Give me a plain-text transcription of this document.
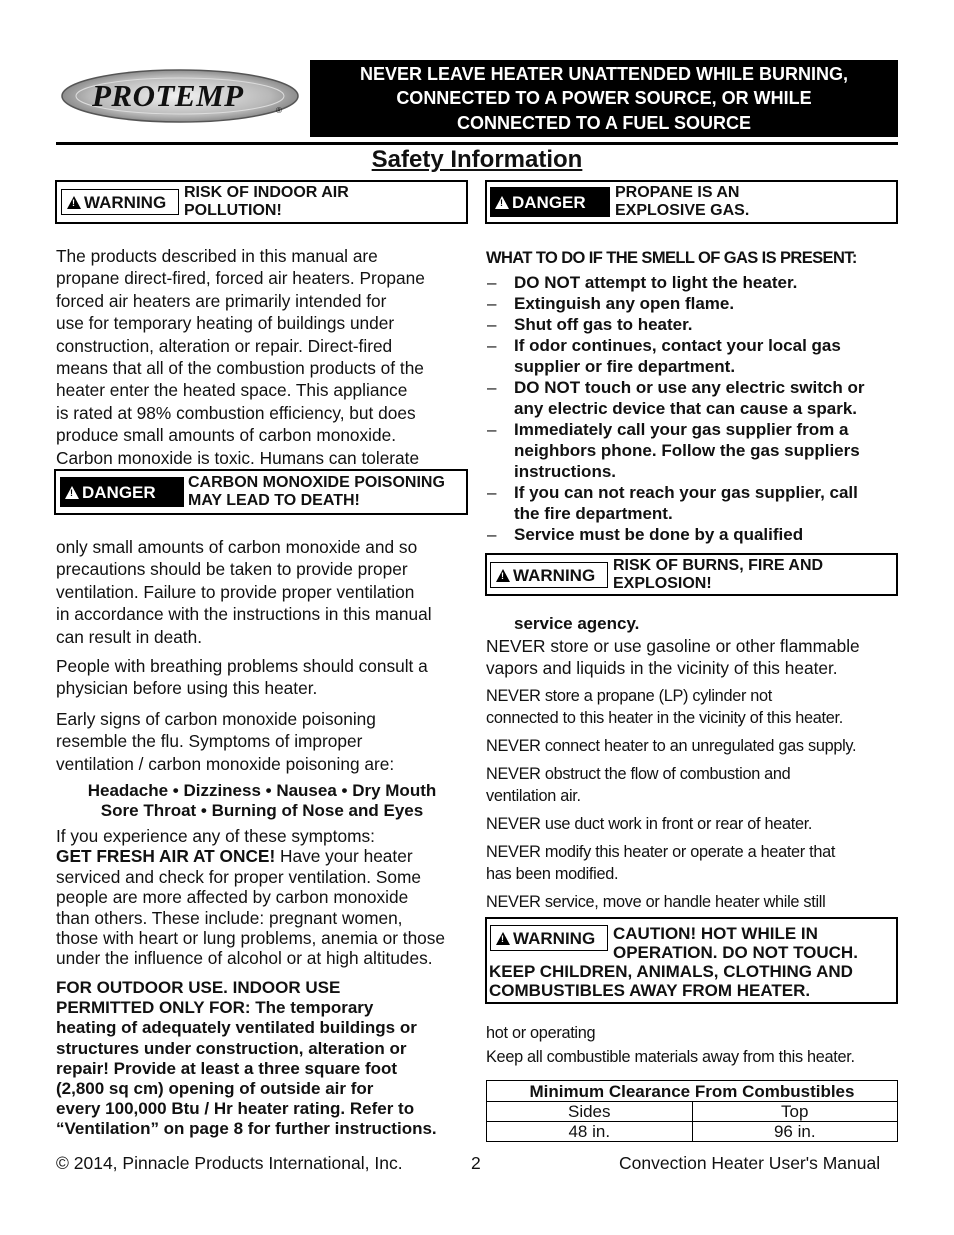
PROTEMP	®
NEVER LEAVE HEATER UNATTENDED WHILE BURNING,
CONNECTED TO A POWER SOURCE, OR WHILE
CONNECTED TO A FUEL SOURCE
Safety Information
! WARNING RISK OF INDOOR AIR
POLLUTION!
The products described in this manual are
propane direct-fired, forced air heaters. Propane
forced air heaters are primarily intended for
use for temporary heating of buildings under
construction, alteration or repair. Direct-fired
means that all of the combustion products of the
heater enter the heated space. This appliance
is rated at 98% combustion efficiency, but does
produce small amounts of carbon monoxide.
Carbon monoxide is toxic. Humans can tolerate
! DANGER CARBON MONOXIDE POISONING
MAY LEAD TO DEATH!
only small amounts of carbon monoxide and so
precautions should be taken to provide proper
ventilation. Failure to provide proper ventilation
in accordance with the instructions in this manual
can result in death.
People with breathing problems should consult a
physician before using this heater.
Early signs of carbon monoxide poisoning
resemble the flu. Symptoms of improper
ventilation / carbon monoxide poisoning are:
Headache • Dizziness • Nausea • Dry Mouth
Sore Throat • Burning of Nose and Eyes
If you experience any of these symptoms:
GET FRESH AIR AT ONCE! Have your heater
serviced and check for proper ventilation. Some
people are more affected by carbon monoxide
than others. These include: pregnant women,
those with heart or lung problems, anemia or those
under the influence of alcohol or at high altitudes.
FOR OUTDOOR USE. INDOOR USE
PERMITTED ONLY FOR: The temporary
heating of adequately ventilated buildings or
structures under construction, alteration or
repair! Provide at least a three square foot
(2,800 sq cm) opening of outside air for
every 100,000 Btu / Hr heater rating. Refer to
“Ventilation” on page 8 for further instructions.
! DANGER PROPANE IS AN
EXPLOSIVE GAS.
WHAT TO DO IF THE SMELL OF GAS IS PRESENT:
– DO NOT attempt to light the heater.
– Extinguish any open flame.
– Shut off gas to heater.
– If odor continues, contact your local gas
supplier or fire department.
– DO NOT touch or use any electric switch or
any electric device that can cause a spark.
– Immediately call your gas supplier from a
neighbors phone. Follow the gas suppliers
instructions.
– If you can not reach your gas supplier, call
the fire department.
– Service must be done by a qualified
! WARNING RISK OF BURNS, FIRE AND
EXPLOSION!
service agency.
NEVER store or use gasoline or other flammable
vapors and liquids in the vicinity of this heater.
NEVER store a propane (LP) cylinder not
connected to this heater in the vicinity of this heater.
NEVER connect heater to an unregulated gas supply.
NEVER obstruct the flow of combustion and
ventilation air.
NEVER use duct work in front or rear of heater.
NEVER modify this heater or operate a heater that
has been modified.
NEVER service, move or handle heater while still
! WARNING CAUTION! HOT WHILE IN
OPERATION. DO NOT TOUCH.
KEEP CHILDREN, ANIMALS, CLOTHING AND
COMBUSTIBLES AWAY FROM HEATER.
hot or operating
Keep all combustible materials away from this heater.
Minimum Clearance From Combustibles	
Sides	Top
48 in.	96 in.
© 2014, Pinnacle Products International, Inc.	2	Convection Heater User's Manual
